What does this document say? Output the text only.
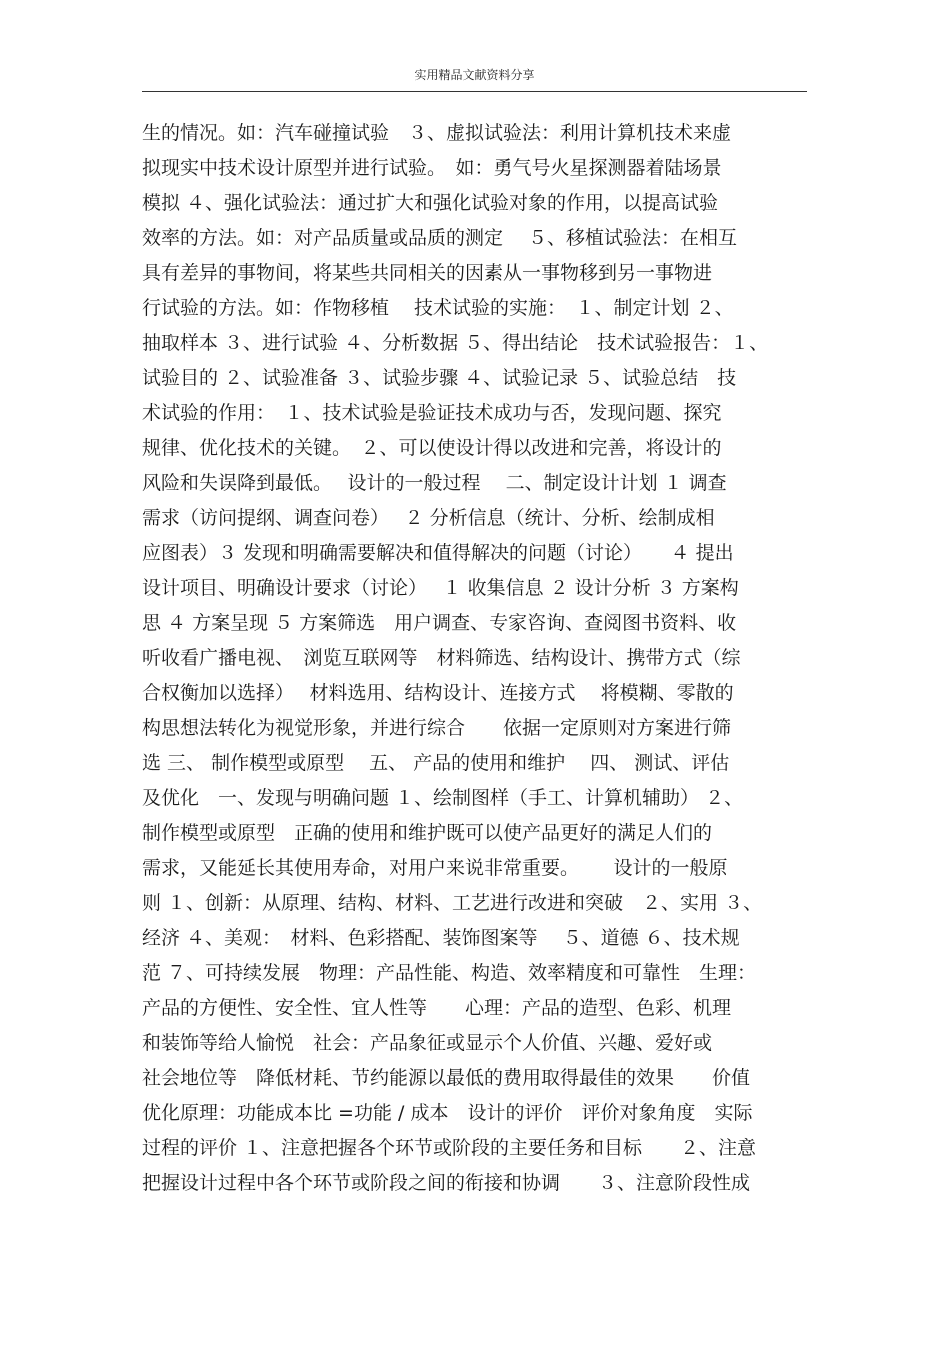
实用精品文献资料分享
生的情况。如：汽车碰撞试验　３、虚拟试验法：利用计算机技术来虚
拟现实中技术设计原型并进行试验。　如：勇气号火星探测器着陆场景
模拟 ４、强化试验法：通过扩大和强化试验对象的作用，以提高试验
效率的方法。如：对产品质量或品质的测定　 ５、移植试验法：在相互
具有差异的事物间，将某些共同相关的因素从一事物移到另一事物进
行试验的方法。如：作物移植　 技术试验的实施：　１、制定计划 ２、
抽取样本 ３、进行试验 ４、分析数据 ５、得出结论　技术试验报告：１、
试验目的 ２、试验准备 ３、试验步骤 ４、试验记录 ５、试验总结　技
术试验的作用：　１、技术试验是验证技术成功与否，发现问题、探究
规律、优化技术的关键。　２、可以使设计得以改进和完善，将设计的
风险和失误降到最低。　 设计的一般过程　 二、制定设计计划 １ 调查
需求（访问提纲、调查问卷）　 ２ 分析信息（统计、分析、绘制成相
应图表）３ 发现和明确需要解决和值得解决的问题（讨论）　　４ 提出
设计项目、明确设计要求（讨论）　 １ 收集信息 ２ 设计分析 ３ 方案构
思 ４ 方案呈现 ５ 方案筛选　用户调查、专家咨询、查阅图书资料、收
听收看广播电视、　浏览互联网等　材料筛选、结构设计、携带方式（综
合权衡加以选择）　 材料选用、结构设计、连接方式　 将模糊、零散的
构思想法转化为视觉形象，并进行综合　　依据一定原则对方案进行筛
选 三、 制作模型或原型　 五、 产品的使用和维护　 四、 测试、评估
及优化　一、发现与明确问题 １、绘制图样（手工、计算机辅助） ２、
制作模型或原型　正确的使用和维护既可以使产品更好的满足人们的
需求，又能延长其使用寿命，对用户来说非常重要。　　 设计的一般原
则 １、创新：从原理、结构、材料、工艺进行改进和突破　２、实用 ３、
经济 ４、美观：　材料、色彩搭配、装饰图案等　 ５、道德 ６、技术规
范 ７、可持续发展　物理：产品性能、构造、效率精度和可靠性　生理：
产品的方便性、安全性、宜人性等　　心理：产品的造型、色彩、机理
和装饰等给人愉悦　社会：产品象征或显示个人价值、兴趣、爱好或
社会地位等　降低材耗、节约能源以最低的费用取得最佳的效果　　价值
优化原理：功能成本比 =功能 / 成本　设计的评价　评价对象角度　实际
过程的评价 １、注意把握各个环节或阶段的主要任务和目标　　２、注意
把握设计过程中各个环节或阶段之间的衔接和协调　　３、注意阶段性成
